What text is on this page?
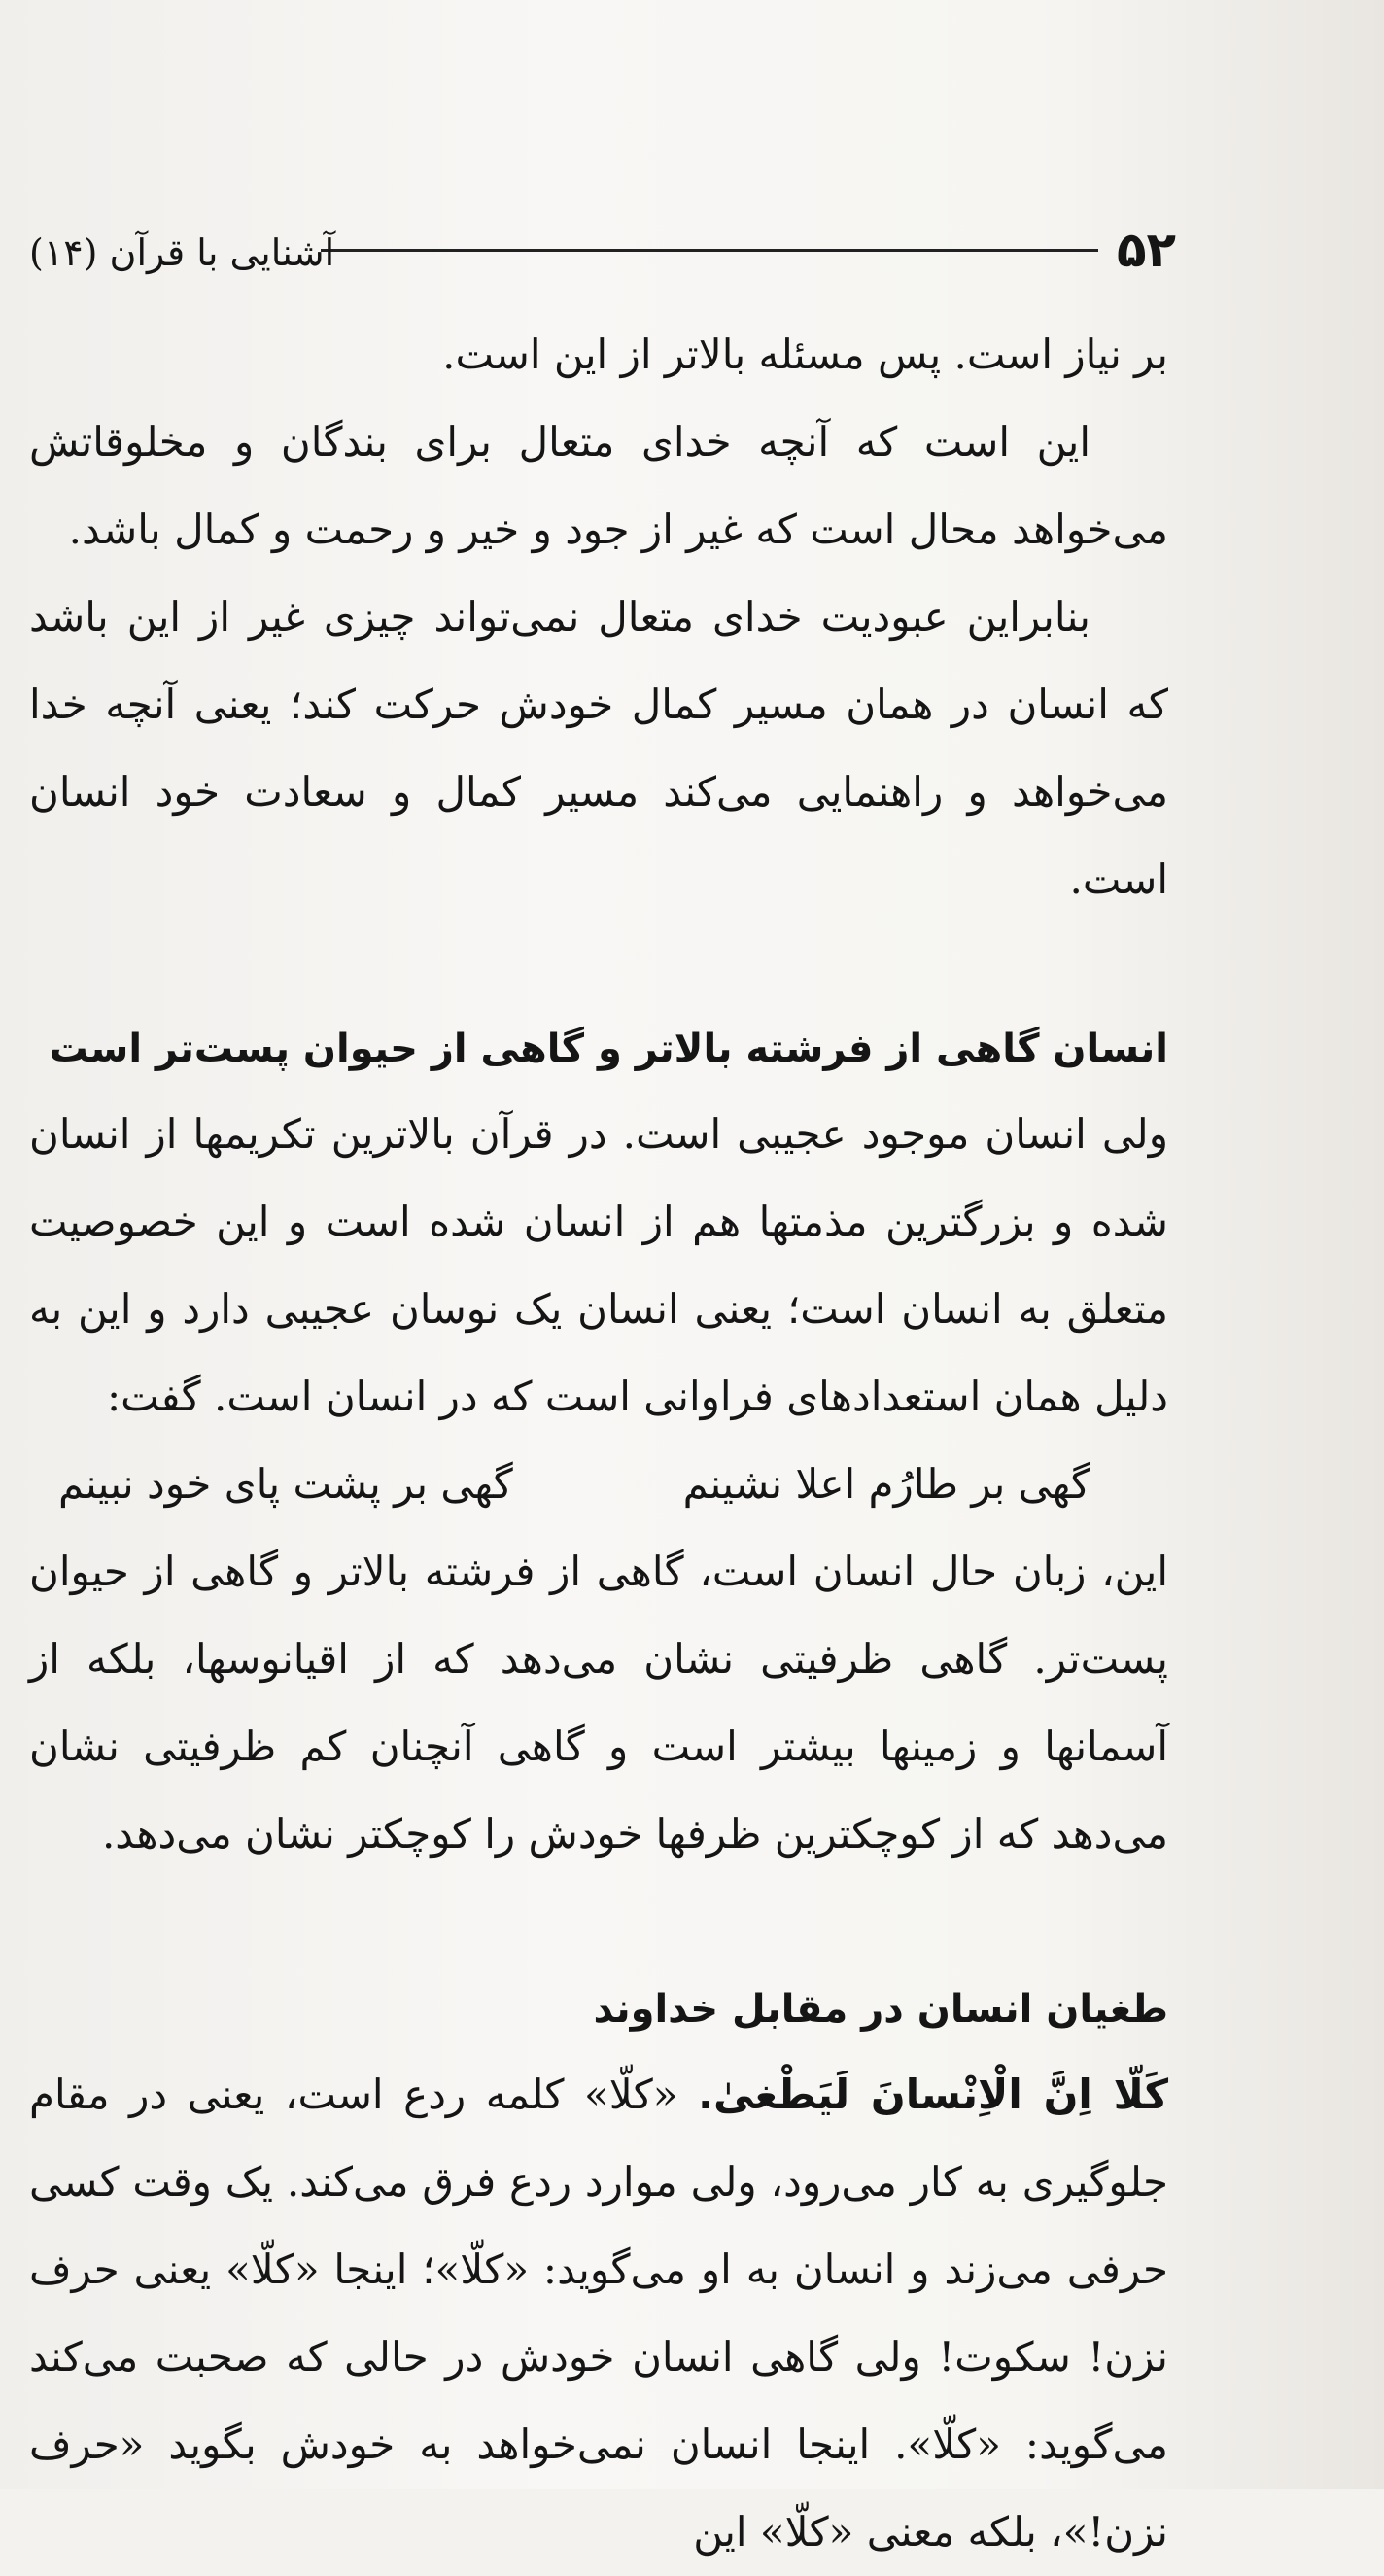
۵۲
آشنایی با قرآن (۱۴)

بر نیاز است. پس مسئله بالاتر از این است.

این است که آنچه خدای متعال برای بندگان و مخلوقاتش می‌خواهد محال است که غیر از جود و خیر و رحمت و کمال باشد.

بنابراین عبودیت خدای متعال نمی‌تواند چیزی غیر از این باشد که انسان در همان مسیر کمال خودش حرکت کند؛ یعنی آنچه خدا می‌خواهد و راهنمایی می‌کند مسیر کمال و سعادت خود انسان است.

انسان گاهی از فرشته بالاتر و گاهی از حیوان پست‌تر است

ولی انسان موجود عجیبی است. در قرآن بالاترین تکریمها از انسان شده و بزرگترین مذمتها هم از انسان شده است و این خصوصیت متعلق به انسان است؛ یعنی انسان یک نوسان عجیبی دارد و این به دلیل همان استعدادهای فراوانی است که در انسان است. گفت:

گهی بر طارُم اعلا نشینم
گهی بر پشت پای خود نبینم

این، زبان حال انسان است، گاهی از فرشته بالاتر و گاهی از حیوان پست‌تر. گاهی ظرفیتی نشان می‌دهد که از اقیانوسها، بلکه از آسمانها و زمینها بیشتر است و گاهی آنچنان کم ظرفیتی نشان می‌دهد که از کوچکترین ظرفها خودش را کوچکتر نشان می‌دهد.

طغیان انسان در مقابل خداوند

کَلّا اِنَّ الْاِنْسانَ لَیَطْغیٰ. «کلّا» کلمه ردع است، یعنی در مقام جلوگیری به کار می‌رود، ولی موارد ردع فرق می‌کند. یک وقت کسی حرفی می‌زند و انسان به او می‌گوید: «کلّا»؛ اینجا «کلّا» یعنی حرف نزن! سکوت! ولی گاهی انسان خودش در حالی که صحبت می‌کند می‌گوید: «کلّا». اینجا انسان نمی‌خواهد به خودش بگوید «حرف نزن!»، بلکه معنی «کلّا» این
